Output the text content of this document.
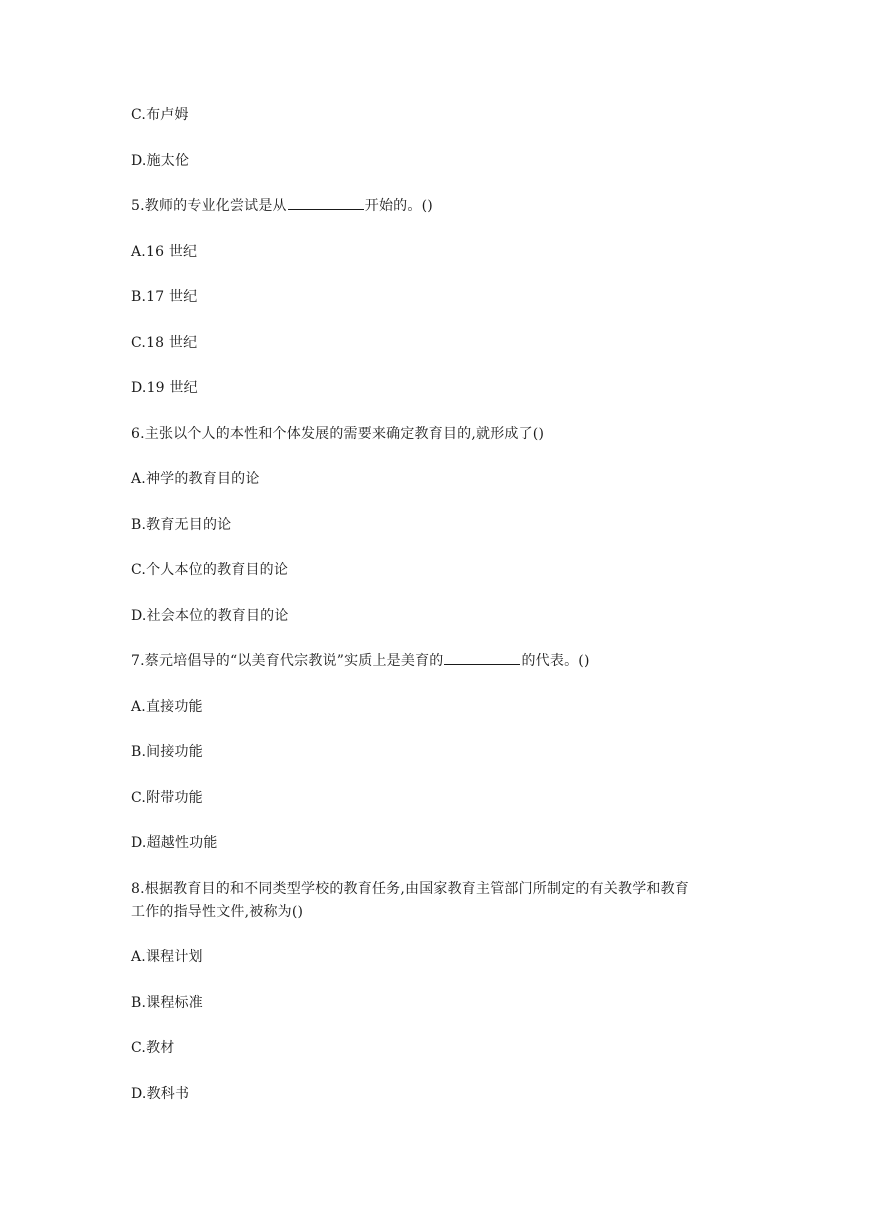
C.布卢姆
D.施太伦
5.教师的专业化尝试是从	开始的。()
A.16 世纪
B.17 世纪
C.18 世纪
D.19 世纪
6.主张以个人的本性和个体发展的需要来确定教育目的,就形成了()
A.神学的教育目的论
B.教育无目的论
C.个人本位的教育目的论
D.社会本位的教育目的论
7.蔡元培倡导的“以美育代宗教说”实质上是美育的	的代表。()
A.直接功能
B.间接功能
C.附带功能
D.超越性功能
8.根据教育目的和不同类型学校的教育任务,由国家教育主管部门所制定的有关教学和教育
工作的指导性文件,被称为()
A.课程计划
B.课程标准
C.教材
D.教科书
